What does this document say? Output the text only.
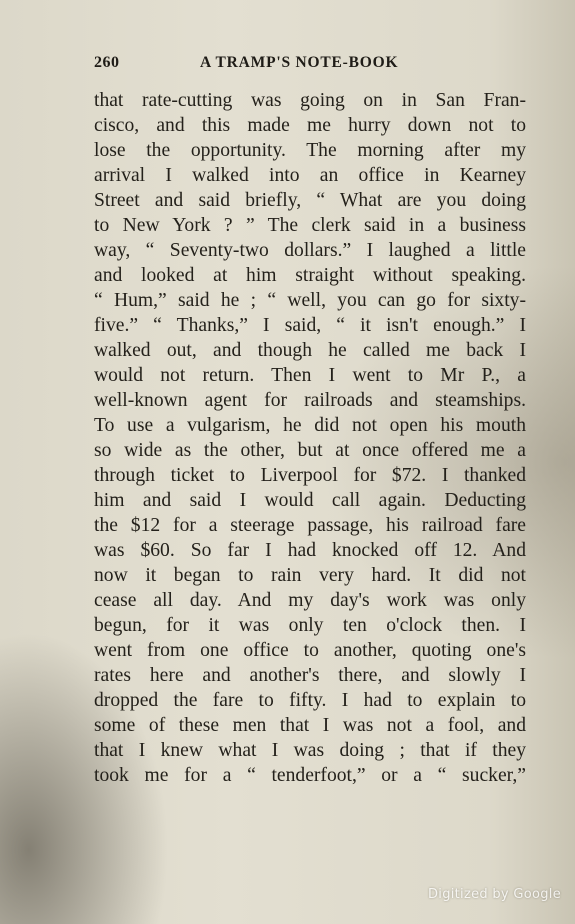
260	A TRAMP'S NOTE-BOOK
that rate-cutting was going on in San Fran-
cisco, and this made me hurry down not to
lose the opportunity. The morning after my
arrival I walked into an office in Kearney
Street and said briefly, “ What are you doing
to New York ? ” The clerk said in a business
way, “ Seventy-two dollars.” I laughed a little
and looked at him straight without speaking.
“ Hum,” said he ; “ well, you can go for sixty-
five.” “ Thanks,” I said, “ it isn't enough.” I
walked out, and though he called me back I
would not return. Then I went to Mr P., a
well-known agent for railroads and steamships.
To use a vulgarism, he did not open his mouth
so wide as the other, but at once offered me a
through ticket to Liverpool for $72. I thanked
him and said I would call again. Deducting
the $12 for a steerage passage, his railroad fare
was $60. So far I had knocked off 12. And
now it began to rain very hard. It did not
cease all day. And my day's work was only
begun, for it was only ten o'clock then. I
went from one office to another, quoting one's
rates here and another's there, and slowly I
dropped the fare to fifty. I had to explain to
some of these men that I was not a fool, and
that I knew what I was doing ; that if they
took me for a “ tenderfoot,” or a “ sucker,”
Digitized by Google
